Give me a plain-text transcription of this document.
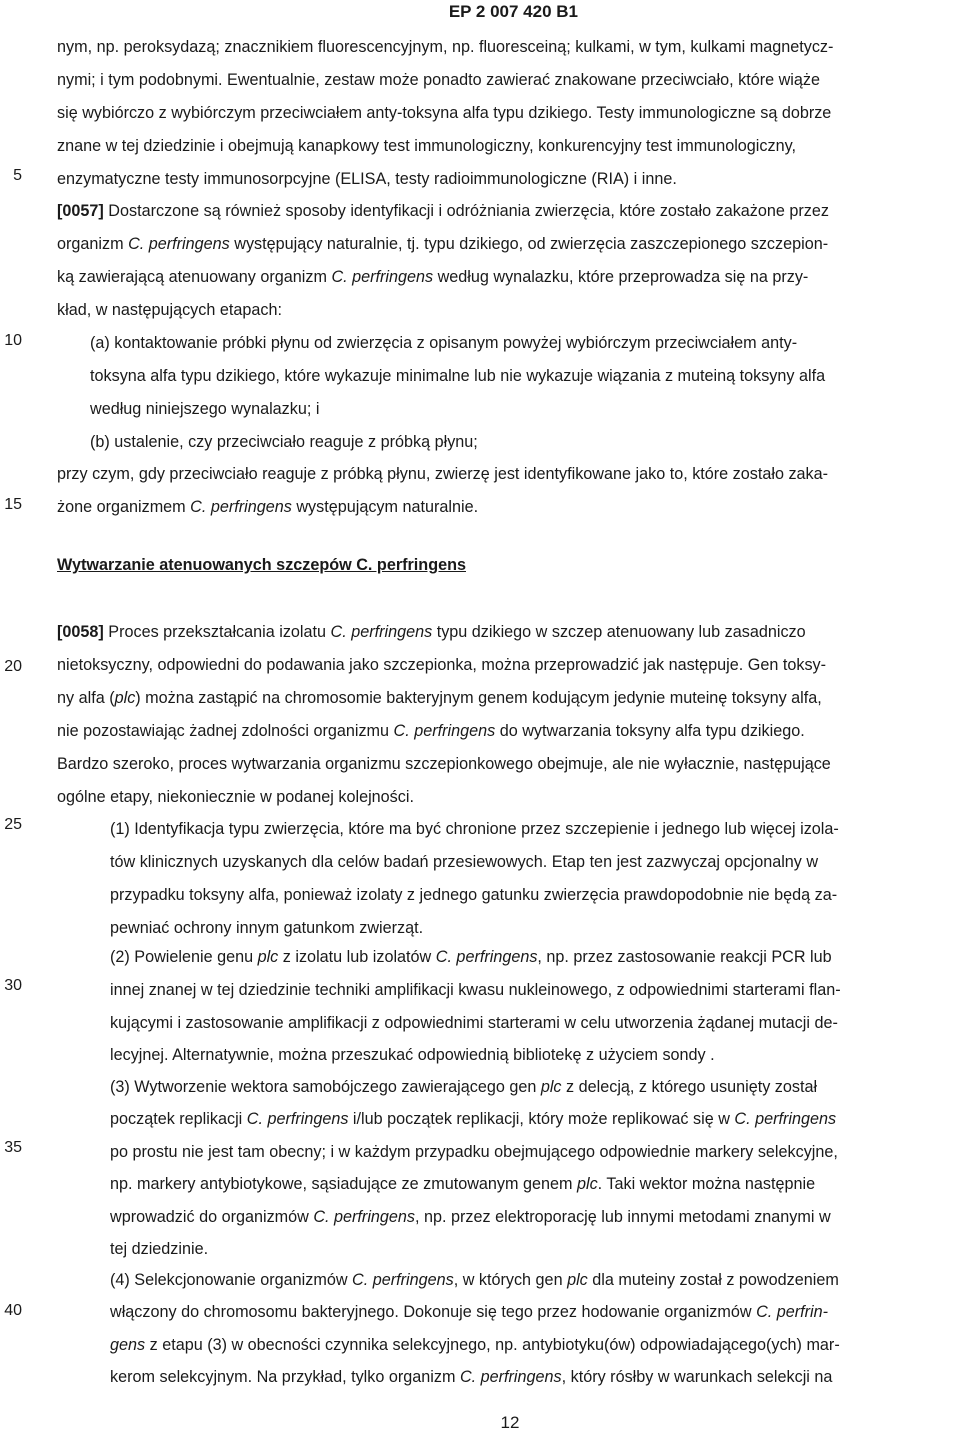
EP 2 007 420 B1
5
10
15
20
25
30
35
40
nym, np. peroksydazą; znacznikiem fluorescencyjnym, np. fluoresceiną; kulkami, w tym, kulkami magnetycz-
nymi; i tym podobnymi. Ewentualnie, zestaw może ponadto zawierać znakowane przeciwciało, które wiąże
się wybiórczo z wybiórczym przeciwciałem anty-toksyna alfa typu dzikiego. Testy immunologiczne są dobrze
znane w tej dziedzinie i obejmują kanapkowy test immunologiczny, konkurencyjny test immunologiczny,
enzymatyczne testy immunosorpcyjne (ELISA, testy radioimmunologiczne (RIA) i inne.
[0057] Dostarczone są również sposoby identyfikacji i odróżniania zwierzęcia, które zostało zakażone przez
organizm C. perfringens występujący naturalnie, tj. typu dzikiego, od zwierzęcia zaszczepionego szczepion-
ką zawierającą atenuowany organizm C. perfringens według wynalazku, które przeprowadza się na przy-
kład, w następujących etapach:
(a) kontaktowanie próbki płynu od zwierzęcia z opisanym powyżej wybiórczym przeciwciałem anty-
toksyna alfa typu dzikiego, które wykazuje minimalne lub nie wykazuje wiązania z muteiną toksyny alfa
według niniejszego wynalazku; i
(b) ustalenie, czy przeciwciało reaguje z próbką płynu;
przy czym, gdy przeciwciało reaguje z próbką płynu, zwierzę jest identyfikowane jako to, które zostało zaka-
żone organizmem C. perfringens występującym naturalnie.
Wytwarzanie atenuowanych szczepów C. perfringens
[0058] Proces przekształcania izolatu C. perfringens typu dzikiego w szczep atenuowany lub zasadniczo
nietoksyczny, odpowiedni do podawania jako szczepionka, można przeprowadzić jak następuje. Gen toksy-
ny alfa (plc) można zastąpić na chromosomie bakteryjnym genem kodującym jedynie muteinę toksyny alfa,
nie pozostawiając żadnej zdolności organizmu C. perfringens do wytwarzania toksyny alfa typu dzikiego.
Bardzo szeroko, proces wytwarzania organizmu szczepionkowego obejmuje, ale nie wyłacznie, następujące
ogólne etapy, niekoniecznie w podanej kolejności.
(1) Identyfikacja typu zwierzęcia, które ma być chronione przez szczepienie i jednego lub więcej izola-
tów klinicznych uzyskanych dla celów badań przesiewowych. Etap ten jest zazwyczaj opcjonalny w
przypadku toksyny alfa, ponieważ izolaty z jednego gatunku zwierzęcia prawdopodobnie nie będą za-
pewniać ochrony innym gatunkom zwierząt.
(2) Powielenie genu plc z izolatu lub izolatów C. perfringens, np. przez zastosowanie reakcji PCR lub
innej znanej w tej dziedzinie techniki amplifikacji kwasu nukleinowego, z odpowiednimi starterami flan-
kującymi i zastosowanie amplifikacji z odpowiednimi starterami w celu utworzenia żądanej mutacji de-
lecyjnej. Alternatywnie, można przeszukać odpowiednią bibliotekę z użyciem sondy .
(3) Wytworzenie wektora samobójczego zawierającego gen plc z delecją, z którego usunięty został
początek replikacji C. perfringens i/lub początek replikacji, który może replikować się w C. perfringens
po prostu nie jest tam obecny; i w każdym przypadku obejmującego odpowiednie markery selekcyjne,
np. markery antybiotykowe, sąsiadujące ze zmutowanym genem plc. Taki wektor można następnie
wprowadzić do organizmów C. perfringens, np. przez elektroporację lub innymi metodami znanymi w
tej dziedzinie.
(4) Selekcjonowanie organizmów C. perfringens, w których gen plc dla muteiny został z powodzeniem
włączony do chromosomu bakteryjnego. Dokonuje się tego przez hodowanie organizmów C. perfrin-
gens z etapu (3) w obecności czynnika selekcyjnego, np. antybiotyku(ów) odpowiadającego(ych) mar-
kerom selekcyjnym. Na przykład, tylko organizm C. perfringens, który rósłby w warunkach selekcji na
12
